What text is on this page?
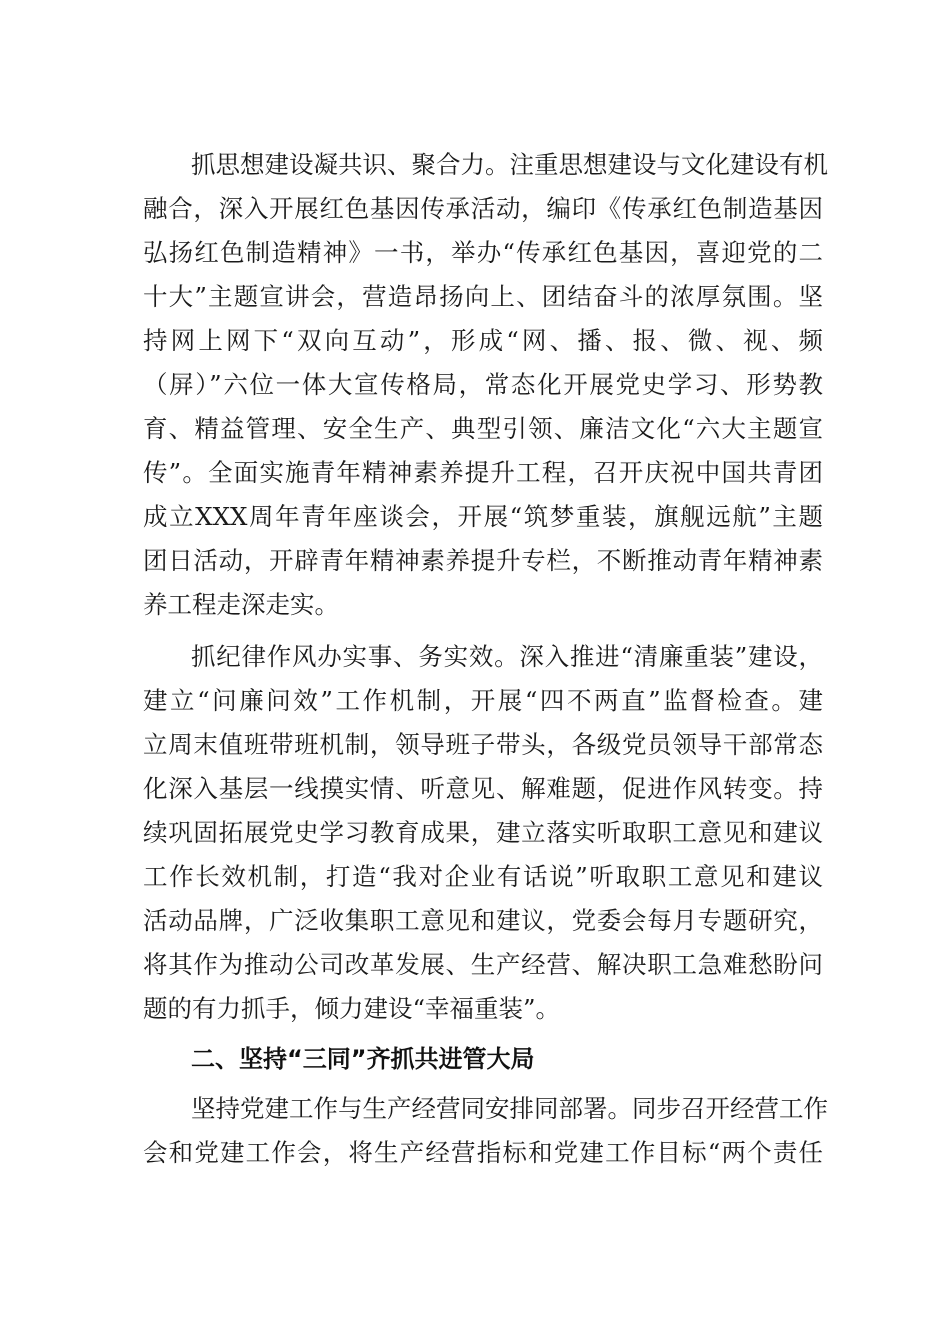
抓思想建设凝共识、聚合力。注重思想建设与文化建设有机
融合，深入开展红色基因传承活动，编印《传承红色制造基因
弘扬红色制造精神》一书，举办“传承红色基因，喜迎党的二
十大”主题宣讲会，营造昂扬向上、团结奋斗的浓厚氛围。坚
持网上网下“双向互动”，形成“网、播、报、微、视、频
（屏）”六位一体大宣传格局，常态化开展党史学习、形势教
育、精益管理、安全生产、典型引领、廉洁文化“六大主题宣
传”。全面实施青年精神素养提升工程，召开庆祝中国共青团
成立XXX周年青年座谈会，开展“筑梦重装，旗舰远航”主题
团日活动，开辟青年精神素养提升专栏，不断推动青年精神素
养工程走深走实。
抓纪律作风办实事、务实效。深入推进“清廉重装”建设，
建立“问廉问效”工作机制，开展“四不两直”监督检查。建
立周末值班带班机制，领导班子带头，各级党员领导干部常态
化深入基层一线摸实情、听意见、解难题，促进作风转变。持
续巩固拓展党史学习教育成果，建立落实听取职工意见和建议
工作长效机制，打造“我对企业有话说”听取职工意见和建议
活动品牌，广泛收集职工意见和建议，党委会每月专题研究，
将其作为推动公司改革发展、生产经营、解决职工急难愁盼问
题的有力抓手，倾力建设“幸福重装”。
二、坚持“三同”齐抓共进管大局
坚持党建工作与生产经营同安排同部署。同步召开经营工作
会和党建工作会，将生产经营指标和党建工作目标“两个责任
